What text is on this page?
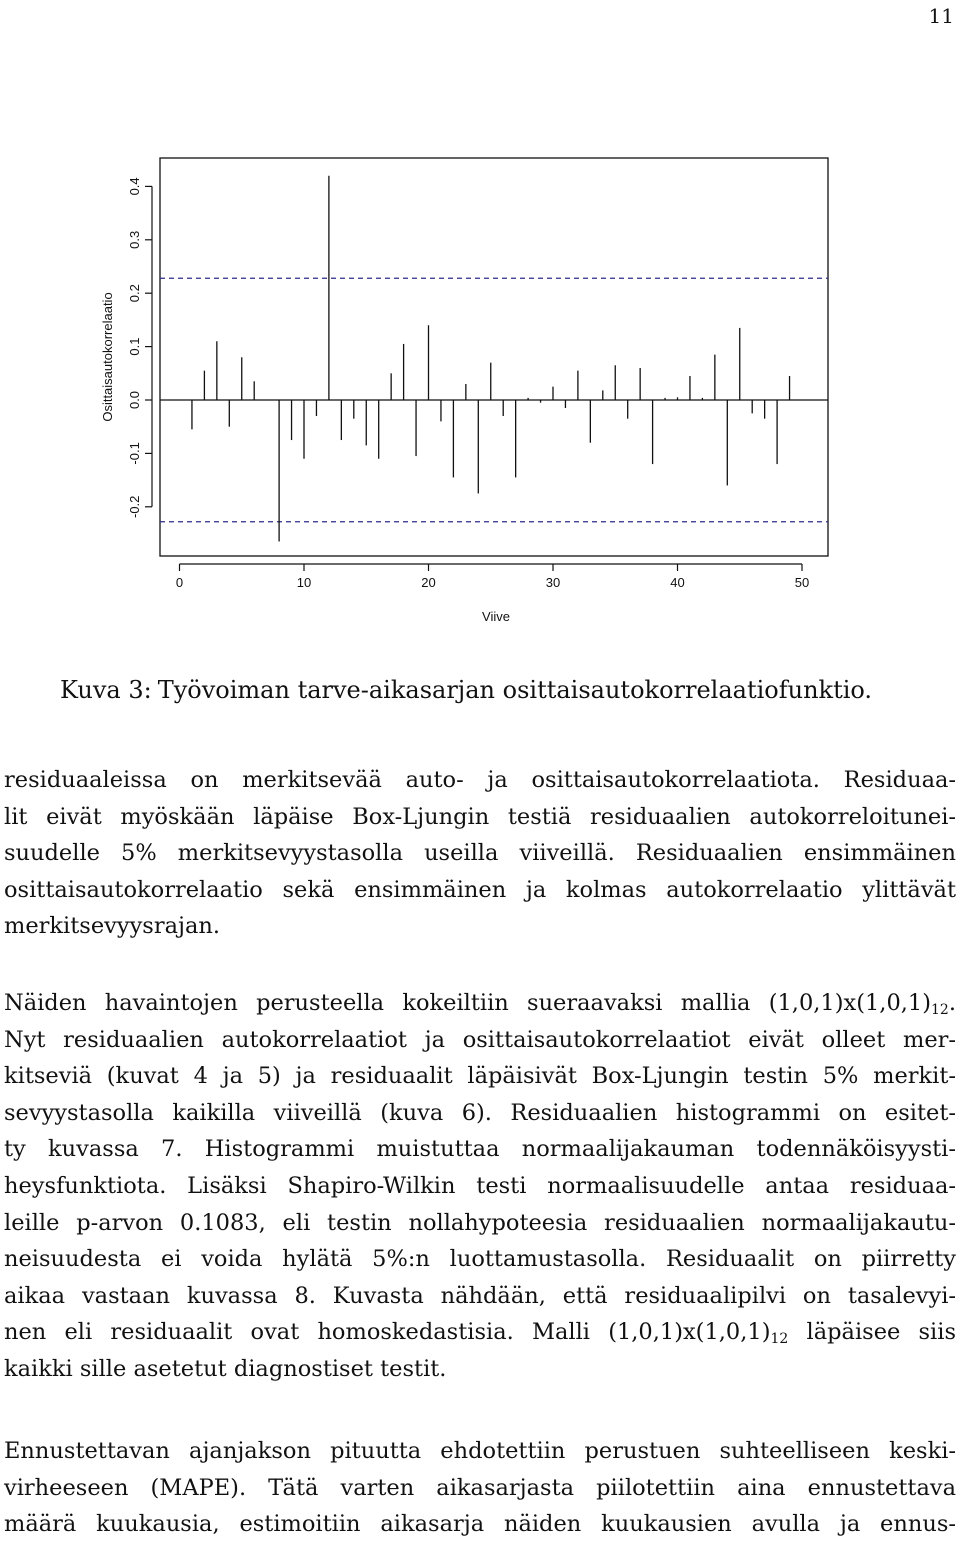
11
0	10	20	30	40	50
-0.2
-0.1
0.0
0.1
0.2
0.3
0.4
Viive
Osittaisautokorrelaatio

Kuva 3: Työvoiman tarve-aikasarjan osittaisautokorrelaatiofunktio.

residuaaleissa on merkitsevää auto- ja osittaisautokorrelaatiota. Residuaa-
lit eivät myöskään läpäise Box-Ljungin testiä residuaalien autokorreloitunei-
suudelle 5% merkitsevyystasolla useilla viiveillä. Residuaalien ensimmäinen
osittaisautokorrelaatio sekä ensimmäinen ja kolmas autokorrelaatio ylittävät
merkitsevyysrajan.

Näiden havaintojen perusteella kokeiltiin sueraavaksi mallia $(1,0,1)x(1,0,1)_{12}$.
Nyt residuaalien autokorrelaatiot ja osittaisautokorrelaatiot eivät olleet mer-
kitseviä (kuvat 4 ja 5) ja residuaalit läpäisivät Box-Ljungin testin 5% merkit-
sevyystasolla kaikilla viiveillä (kuva 6). Residuaalien histogrammi on esitet-
ty kuvassa 7. Histogrammi muistuttaa normaalijakauman todennäköisyysti-
heysfunktiota. Lisäksi Shapiro-Wilkin testi normaalisuudelle antaa residuaa-
leille p-arvon 0.1083, eli testin nollahypoteesia residuaalien normaalijakautu-
neisuudesta ei voida hylätä 5%:n luottamustasolla. Residuaalit on piirretty
aikaa vastaan kuvassa 8. Kuvasta nähdään, että residuaalipilvi on tasalevyi-
nen eli residuaalit ovat homoskedastisia. Malli $(1,0,1)x(1,0,1)_{12}$ läpäisee siis
kaikki sille asetetut diagnostiset testit.

Ennustettavan ajanjakson pituutta ehdotettiin perustuen suhteelliseen keski-
virheeseen (MAPE). Tätä varten aikasarjasta piilotettiin aina ennustettava
määrä kuukausia, estimoitiin aikasarja näiden kuukausien avulla ja ennus-
